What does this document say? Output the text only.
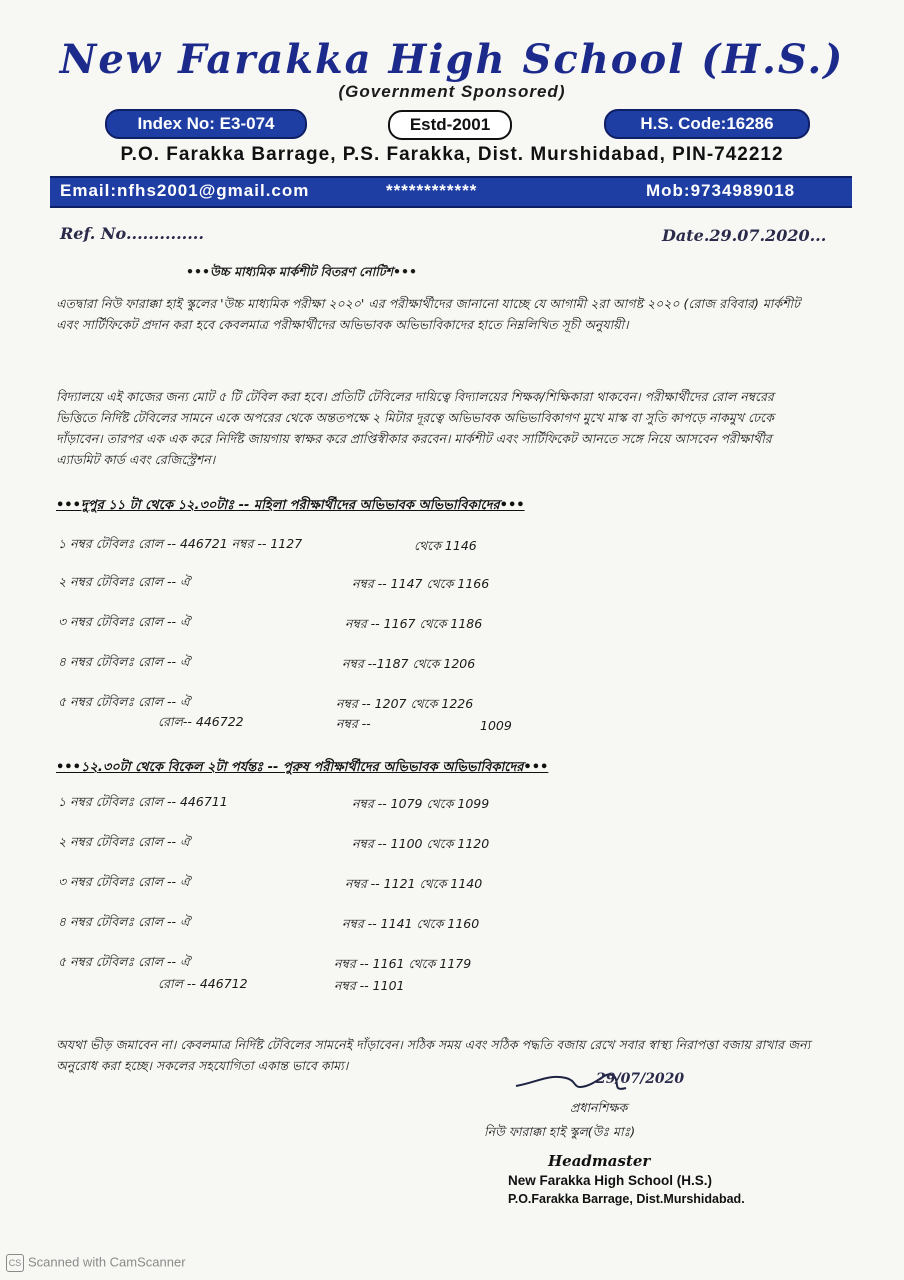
New Farakka High School (H.S.)
(Government Sponsored)
Index No: E3-074	Estd-2001	H.S. Code:16286
P.O. Farakka Barrage, P.S. Farakka, Dist. Murshidabad, PIN-742212
Email:nfhs2001@gmail.com	************	Mob:9734989018
Ref. No..............	Date.29.07.2020...
•••উচ্চ মাধ্যমিক মার্কশীট বিতরণ নোটিশ•••
এতদ্বারা নিউ ফারাক্কা হাই স্কুলের 'উচ্চ মাধ্যমিক পরীক্ষা ২০২০' এর পরীক্ষার্থীদের জানানো যাচ্ছে যে আগামী ২রা আগষ্ট ২০২০ (রোজ রবিবার) মার্কশীট এবং সার্টিফিকেট প্রদান করা হবে কেবলমাত্র পরীক্ষার্থীদের অভিভাবক অভিভাবিকাদের হাতে নিম্নলিখিত সূচী অনুযায়ী।
বিদ্যালয়ে এই কাজের জন্য মোট ৫ টি টেবিল করা হবে। প্রতিটি টেবিলের দায়িত্বে বিদ্যালয়ের শিক্ষক/শিক্ষিকারা থাকবেন। পরীক্ষার্থীদের রোল নম্বরের ভিত্তিতে নির্দিষ্ট টেবিলের সামনে একে অপরের থেকে অন্ততপক্ষে ২ মিটার দূরত্বে অভিভাবক অভিভাবিকাগণ মুখে মাস্ক বা সুতি কাপড়ে নাকমুখ ঢেকে দাঁড়াবেন। তারপর এক এক করে নির্দিষ্ট জায়গায় স্বাক্ষর করে প্রাপ্তিস্বীকার করবেন। মার্কশীট এবং সার্টিফিকেট আনতে সঙ্গে নিয়ে আসবেন পরীক্ষার্থীর এ্যাডমিট কার্ড এবং রেজিস্ট্রেশন।
•••দুপুর ১১ টা থেকে ১২.৩০টাঃ -- মহিলা পরীক্ষার্থীদের অভিভাবক অভিভাবিকাদের•••
১ নম্বর টেবিলঃ রোল -- 446721 নম্বর -- 1127	থেকে 1146
২ নম্বর টেবিলঃ রোল -- ঐ	নম্বর -- 1147 থেকে 1166
৩ নম্বর টেবিলঃ রোল -- ঐ	নম্বর -- 1167 থেকে 1186
৪ নম্বর টেবিলঃ রোল -- ঐ	নম্বর --1187 থেকে 1206
৫ নম্বর টেবিলঃ রোল -- ঐ	নম্বর -- 1207 থেকে 1226
রোল-- 446722	নম্বর --	1009
•••১২.৩০টা থেকে বিকেল ২টা পর্যন্তঃ -- পুরুষ পরীক্ষার্থীদের অভিভাবক অভিভাবিকাদের•••
১ নম্বর টেবিলঃ রোল -- 446711	নম্বর -- 1079 থেকে 1099
২ নম্বর টেবিলঃ রোল -- ঐ	নম্বর -- 1100 থেকে 1120
৩ নম্বর টেবিলঃ রোল -- ঐ	নম্বর -- 1121 থেকে 1140
৪ নম্বর টেবিলঃ রোল -- ঐ	নম্বর -- 1141 থেকে 1160
৫ নম্বর টেবিলঃ রোল -- ঐ	নম্বর -- 1161 থেকে 1179
রোল -- 446712	নম্বর -- 1101
অযথা ভীড় জমাবেন না। কেবলমাত্র নির্দিষ্ট টেবিলের সামনেই দাঁড়াবেন। সঠিক সময় এবং সঠিক পদ্ধতি বজায় রেখে সবার স্বাস্থ্য নিরাপত্তা বজায় রাখার জন্য অনুরোধ করা হচ্ছে। সকলের সহযোগিতা একান্ত ভাবে কাম্য।
29/07/2020
প্রধানশিক্ষক
নিউ ফারাক্কা হাই স্কুল(উঃ মাঃ)
Headmaster
New Farakka High School (H.S.)
P.O.Farakka Barrage, Dist.Murshidabad.
CS Scanned with CamScanner
